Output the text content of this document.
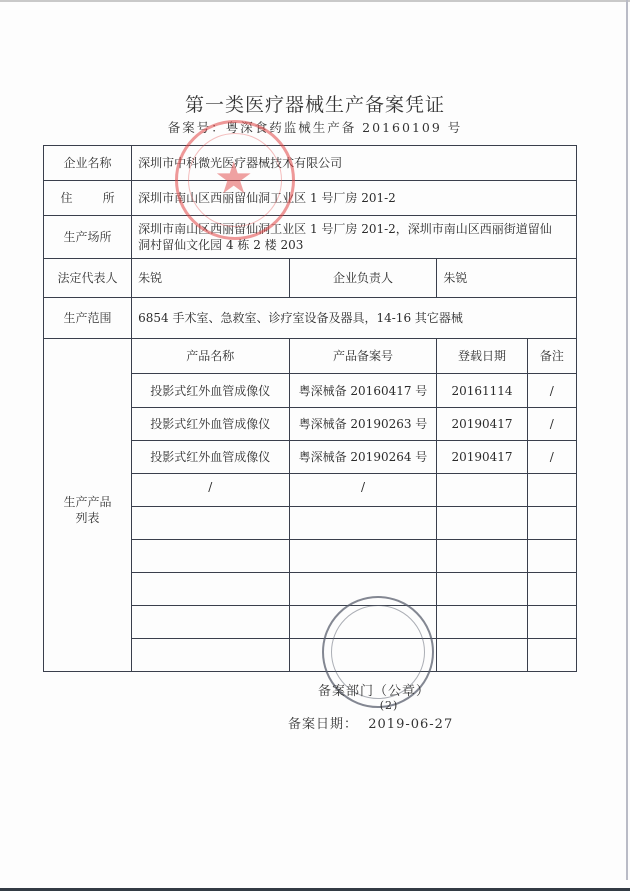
第一类医疗器械生产备案凭证
备案号：粤深食药监械生产备 20160109 号
企业名称	深圳市中科微光医疗器械技术有限公司			
住 所	深圳市南山区西丽留仙洞工业区 1 号厂房 201-2			
生产场所	深圳市南山区西丽留仙洞工业区 1 号厂房 201-2，深圳市南山区西丽街道留仙
洞村留仙文化园 4 栋 2 楼 203			

法定代表人	朱锐	企业负责人	朱锐	
生产范围	6854 手术室、急救室、诊疗室设备及器具，14-16 其它器械			

生产产品
列表	产品名称	产品备案号	登载日期	备注
	投影式红外血管成像仪	粤深械备 20160417 号	20161114	/
	投影式红外血管成像仪	粤深械备 20190263 号	20190417	/
	投影式红外血管成像仪	粤深械备 20190264 号	20190417	/
	/	/		

★
备案部门（公章）
(2)
备案日期：  2019-06-27
